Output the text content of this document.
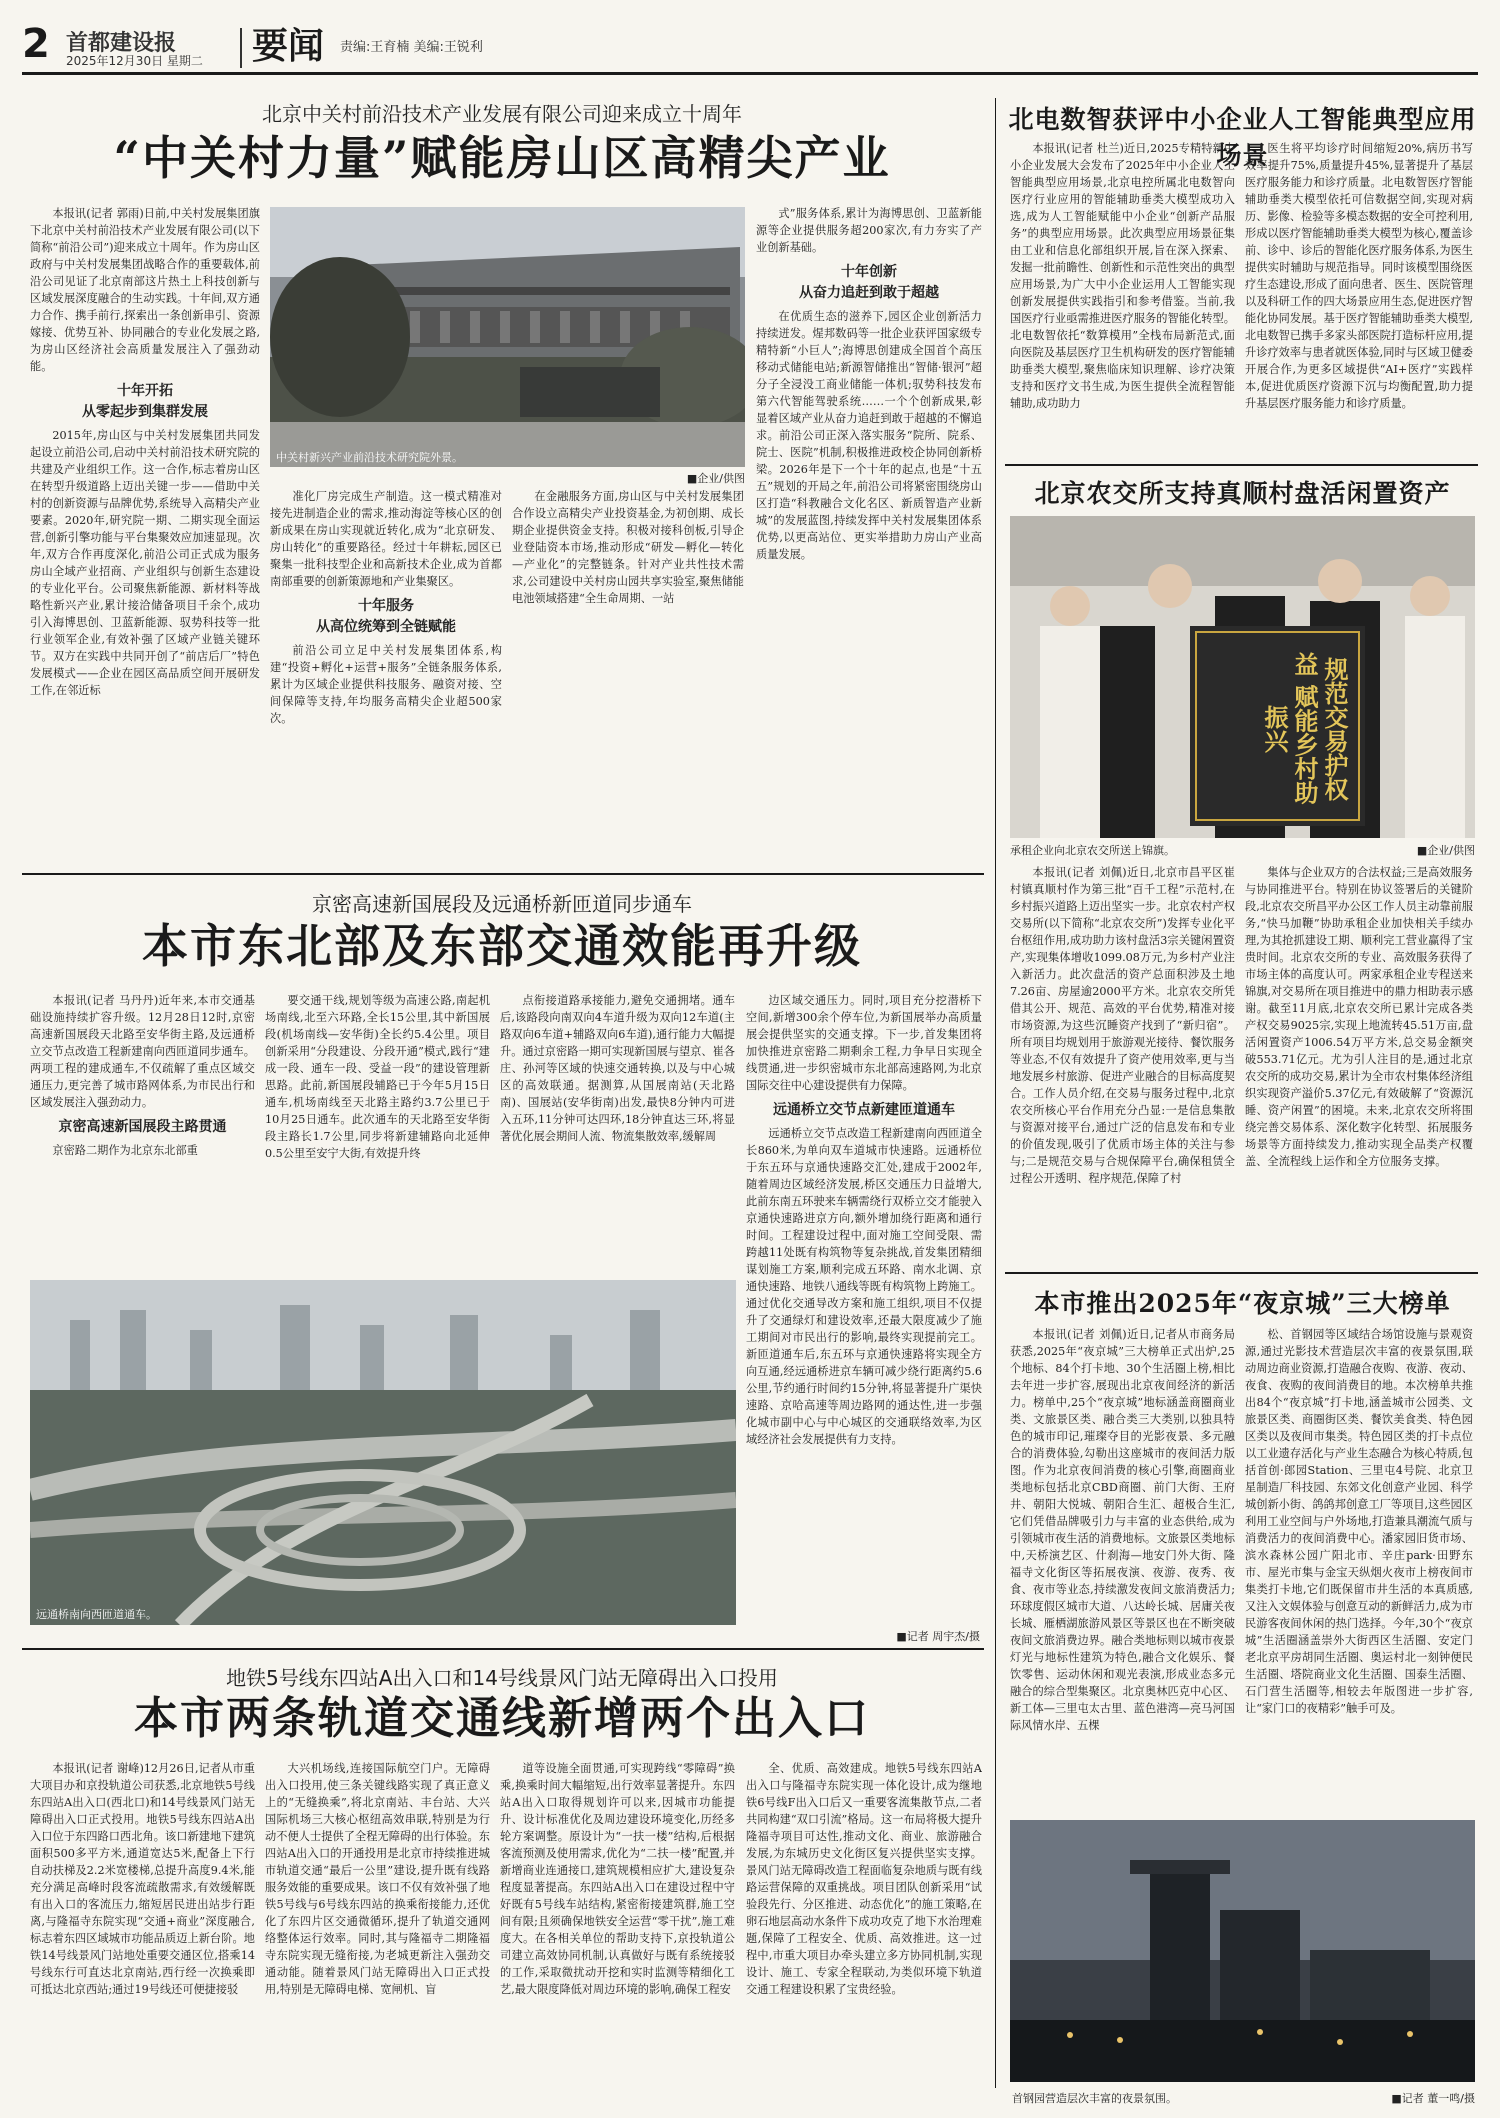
2 首都建设报
2025年12月30日 星期二 要闻 责编:王育楠 美编:王锐利
北京中关村前沿技术产业发展有限公司迎来成立十周年
“中关村力量”赋能房山区高精尖产业

本报讯(记者 郭雨)日前,中关村发展集团旗下北京中关村前沿技术产业发展有限公司(以下简称“前沿公司”)迎来成立十周年。作为房山区政府与中关村发展集团战略合作的重要载体,前沿公司见证了北京南部这片热土上科技创新与区域发展深度融合的生动实践。十年间,双方通力合作、携手前行,探索出一条创新串引、资源嫁接、优势互补、协同融合的专业化发展之路,为房山区经济社会高质量发展注入了强劲动能。

十年开拓
从零起步到集群发展

2015年,房山区与中关村发展集团共同发起设立前沿公司,启动中关村前沿技术研究院的共建及产业组织工作。这一合作,标志着房山区在转型升级道路上迈出关键一步——借助中关村的创新资源与品牌优势,系统导入高精尖产业要素。2020年,研究院一期、二期实现全面运营,创新引擎功能与平台集聚效应加速显现。次年,双方合作再度深化,前沿公司正式成为服务房山全域产业招商、产业组织与创新生态建设的专业化平台。公司聚焦新能源、新材料等战略性新兴产业,累计接洽储备项目千余个,成功引入海博思创、卫蓝新能源、驭势科技等一批行业领军企业,有效补强了区域产业链关键环节。双方在实践中共同开创了“前店后厂”特色发展模式——企业在园区高品质空间开展研发工作,在邻近标

中关村新兴产业前沿技术研究院外景。
■企业/供图

准化厂房完成生产制造。这一模式精准对接先进制造企业的需求,推动海淀等核心区的创新成果在房山实现就近转化,成为“北京研发、房山转化”的重要路径。经过十年耕耘,园区已聚集一批科技型企业和高新技术企业,成为首都南部重要的创新策源地和产业集聚区。

十年服务
从高位统筹到全链赋能

前沿公司立足中关村发展集团体系,构建“投资+孵化+运营+服务”全链条服务体系,累计为区域企业提供科技服务、融资对接、空间保障等支持,年均服务高精尖企业超500家次。

在金融服务方面,房山区与中关村发展集团合作设立高精尖产业投资基金,为初创期、成长期企业提供资金支持。积极对接科创板,引导企业登陆资本市场,推动形成“研发—孵化—转化—产业化”的完整链条。针对产业共性技术需求,公司建设中关村房山园共享实验室,聚焦储能电池领域搭建“全生命周期、一站

式”服务体系,累计为海博思创、卫蓝新能源等企业提供服务超200家次,有力夯实了产业创新基础。

十年创新
从奋力追赶到敢于超越

在优质生态的滋养下,园区企业创新活力持续迸发。煋邦数码等一批企业获评国家级专精特新“小巨人”;海博思创建成全国首个高压移动式储能电站;新源智储推出“智储·银河”超分子全浸没工商业储能一体机;驭势科技发布第六代智能驾驶系统……一个个创新成果,彰显着区域产业从奋力追赶到敢于超越的不懈追求。前沿公司正深入落实服务“院所、院系、院士、医院”机制,积极推进政校企协同创新桥梁。2026年是下一个十年的起点,也是“十五五”规划的开局之年,前沿公司将紧密围绕房山区打造“科教融合文化名区、新质智造产业新城”的发展蓝图,持续发挥中关村发展集团体系优势,以更高站位、更实举措助力房山产业高质量发展。

北电数智获评中小企业人工智能典型应用场景

本报讯(记者 杜兰)近日,2025专精特新中小企业发展大会发布了2025年中小企业人工智能典型应用场景,北京电控所属北电数智向医疗行业应用的智能辅助垂类大模型成功入选,成为人工智能赋能中小企业“创新产品服务”的典型应用场景。此次典型应用场景征集由工业和信息化部组织开展,旨在深入探索、发掘一批前瞻性、创新性和示范性突出的典型应用场景,为广大中小企业运用人工智能实现创新发展提供实践指引和参考借鉴。当前,我国医疗行业亟需推进医疗服务的智能化转型。北电数智依托“数算模用”全栈布局新范式,面向医院及基层医疗卫生机构研发的医疗智能辅助垂类大模型,聚焦临床知识理解、诊疗决策支持和医疗文书生成,为医生提供全流程智能辅助,成功助力

医生将平均诊疗时间缩短20%,病历书写效率提升75%,质量提升45%,显著提升了基层医疗服务能力和诊疗质量。北电数智医疗智能辅助垂类大模型依托可信数据空间,实现对病历、影像、检验等多模态数据的安全可控利用,形成以医疗智能辅助垂类大模型为核心,覆盖诊前、诊中、诊后的智能化医疗服务体系,为医生提供实时辅助与规范指导。同时该模型围绕医疗生态建设,形成了面向患者、医生、医院管理以及科研工作的四大场景应用生态,促进医疗智能化协同发展。基于医疗智能辅助垂类大模型,北电数智已携手多家头部医院打造标杆应用,提升诊疗效率与患者就医体验,同时与区域卫健委开展合作,为更多区域提供“AI+医疗”实践样本,促进优质医疗资源下沉与均衡配置,助力提升基层医疗服务能力和诊疗质量。

北京农交所支持真顺村盘活闲置资产
规范交易护权益 赋能乡村助振兴
承租企业向北京农交所送上锦旗。	■企业/供图

本报讯(记者 刘佩)近日,北京市昌平区崔村镇真顺村作为第三批“百千工程”示范村,在乡村振兴道路上迈出坚实一步。北京农村产权交易所(以下简称“北京农交所”)发挥专业化平台枢纽作用,成功助力该村盘活3宗关键闲置资产,实现集体增收1099.08万元,为乡村产业注入新活力。此次盘活的资产总面积涉及土地7.26亩、房屋逾2000平方米。北京农交所凭借其公开、规范、高效的平台优势,精准对接市场资源,为这些沉睡资产找到了“新归宿”。所有项目均规划用于旅游观光接待、餐饮服务等业态,不仅有效提升了资产使用效率,更与当地发展乡村旅游、促进产业融合的目标高度契合。工作人员介绍,在交易与服务过程中,北京农交所核心平台作用充分凸显:一是信息集散与资源对接平台,通过广泛的信息发布和专业的价值发现,吸引了优质市场主体的关注与参与;二是规范交易与合规保障平台,确保租赁全过程公开透明、程序规范,保障了村

集体与企业双方的合法权益;三是高效服务与协同推进平台。特别在协议签署后的关键阶段,北京农交所昌平办公区工作人员主动靠前服务,“快马加鞭”协助承租企业加快相关手续办理,为其抢抓建设工期、顺利完工营业赢得了宝贵时间。北京农交所的专业、高效服务获得了市场主体的高度认可。两家承租企业专程送来锦旗,对交易所在项目推进中的鼎力相助表示感谢。截至11月底,北京农交所已累计完成各类产权交易9025宗,实现上地流转45.51万亩,盘活闲置资产1006.54万平方米,总交易金额突破553.71亿元。尤为引人注目的是,通过北京农交所的成功交易,累计为全市农村集体经济组织实现资产溢价5.37亿元,有效破解了“资源沉睡、资产闲置”的困境。未来,北京农交所将围绕完善交易体系、深化数字化转型、拓展服务场景等方面持续发力,推动实现全品类产权覆盖、全流程线上运作和全方位服务支撑。

京密高速新国展段及远通桥新匝道同步通车
本市东北部及东部交通效能再升级

本报讯(记者 马丹丹)近年来,本市交通基础设施持续扩容升级。12月28日12时,京密高速新国展段天北路至安华街主路,及远通桥立交节点改造工程新建南向西匝道同步通车。两项工程的建成通车,不仅疏解了重点区域交通压力,更完善了城市路网体系,为市民出行和区域发展注入强劲动力。

京密高速新国展段主路贯通

京密路二期作为北京东北部重

要交通干线,规划等级为高速公路,南起机场南线,北至六环路,全长15公里,其中新国展段(机场南线—安华街)全长约5.4公里。项目创新采用“分段建设、分段开通”模式,践行“建成一段、通车一段、受益一段”的建设管理新思路。此前,新国展段辅路已于今年5月15日通车,机场南线至天北路主路约3.7公里已于10月25日通车。此次通车的天北路至安华街段主路长1.7公里,同步将新建辅路向北延伸0.5公里至安宁大街,有效提升终

点衔接道路承接能力,避免交通拥堵。通车后,该路段向南双向4车道升级为双向12车道(主路双向6车道+辅路双向6车道),通行能力大幅提升。通过京密路一期可实现新国展与望京、崔各庄、孙河等区域的快速交通转换,以及与中心城区的高效联通。据测算,从国展南站(天北路南)、国展站(安华街南)出发,最快8分钟内可进入五环,11分钟可达四环,18分钟直达三环,将显著优化展会期间人流、物流集散效率,缓解周

边区域交通压力。同时,项目充分挖潜桥下空间,新增300余个停车位,为新国展举办高质量展会提供坚实的交通支撑。下一步,首发集团将加快推进京密路二期剩余工程,力争早日实现全线贯通,进一步织密城市东北部高速路网,为北京国际交往中心建设提供有力保障。

远通桥立交节点新建匝道通车

远通桥立交节点改造工程新建南向西匝道全长860米,为单向双车道城市快速路。远通桥位于东五环与京通快速路交汇处,建成于2002年,随着周边区域经济发展,桥区交通压力日益增大,此前东南五环驶来车辆需绕行双桥立交才能驶入京通快速路进京方向,额外增加绕行距离和通行时间。工程建设过程中,面对施工空间受限、需跨越11处既有构筑物等复杂挑战,首发集团精细谋划施工方案,顺利完成五环路、南水北调、京通快速路、地铁八通线等既有构筑物上跨施工。通过优化交通导改方案和施工组织,项目不仅提升了交通绿灯和建设效率,还最大限度减少了施工期间对市民出行的影响,最终实现提前完工。新匝道通车后,东五环与京通快速路将实现全方向互通,经远通桥进京车辆可减少绕行距离约5.6公里,节约通行时间约15分钟,将显著提升广渠快速路、京哈高速等周边路网的通达性,进一步强化城市副中心与中心城区的交通联络效率,为区域经济社会发展提供有力支持。

远通桥南向西匝道通车。
■记者 周宇杰/摄
本市推出2025年“夜京城”三大榜单

本报讯(记者 刘佩)近日,记者从市商务局获悉,2025年“夜京城”三大榜单正式出炉,25个地标、84个打卡地、30个生活圈上榜,相比去年进一步扩容,展现出北京夜间经济的新活力。榜单中,25个“夜京城”地标涵盖商圈商业类、文旅景区类、融合类三大类别,以独具特色的城市印记,璀璨夺目的光影夜景、多元融合的消费体验,勾勒出这座城市的夜间活力版图。作为北京夜间消费的核心引擎,商圈商业类地标包括北京CBD商圈、前门大街、王府井、朝阳大悦城、朝阳合生汇、超极合生汇,它们凭借品牌吸引力与丰富的业态供给,成为引领城市夜生活的消费地标。文旅景区类地标中,天桥演艺区、什刹海—地安门外大街、隆福寺文化街区等拓展夜演、夜游、夜秀、夜食、夜市等业态,持续激发夜间文旅消费活力;环球度假区城市大道、八达岭长城、居庸关夜长城、雁栖湖旅游风景区等景区也在不断突破夜间文旅消费边界。融合类地标则以城市夜景灯光与地标性建筑为特色,融合文化娱乐、餐饮零售、运动休闲和观光表演,形成业态多元融合的综合型集聚区。北京奥林匹克中心区、新工体—三里屯太古里、蓝色港湾—亮马河国际风情水岸、五棵

松、首钢园等区域结合场馆设施与景观资源,通过光影技术营造层次丰富的夜景氛围,联动周边商业资源,打造融合夜购、夜游、夜动、夜食、夜购的夜间消费目的地。本次榜单共推出84个“夜京城”打卡地,涵盖城市公园类、文旅景区类、商圈街区类、餐饮美食类、特色园区类以及夜间市集类。特色园区类的打卡点位以工业遗存活化与产业生态融合为核心特质,包括首创·郎园Station、三里屯4号院、北京卫星制造厂科技园、东郊文化创意产业园、科学城创新小街、鸽鸽邦创意工厂等项目,这些园区利用工业空间与户外场地,打造兼具潮流气质与消费活力的夜间消费中心。潘家园旧货市场、滨水森林公园广阳北市、辛庄park·田野东市、屋光市集与金宝天纵烟火夜市上榜夜间市集类打卡地,它们既保留市井生活的本真质感,又注入文娱体验与创意互动的新鲜活力,成为市民游客夜间休闲的热门选择。今年,30个“夜京城”生活圈涵盖崇外大街西区生活圈、安定门老北京平房胡同生活圈、奥运村北一刻钟便民生活圈、塔院商业文化生活圈、国泰生活圈、石门营生活圈等,相较去年版图进一步扩容,让“家门口的夜精彩”触手可及。

首钢园营造层次丰富的夜景氛围。	■记者 董一鸣/摄
地铁5号线东四站A出入口和14号线景风门站无障碍出入口投用
本市两条轨道交通线新增两个出入口

本报讯(记者 谢峰)12月26日,记者从市重大项目办和京投轨道公司获悉,北京地铁5号线东四站A出入口(西北口)和14号线景风门站无障碍出入口正式投用。地铁5号线东四站A出入口位于东四路口西北角。该口新建地下建筑面积500多平方米,通道宽达5米,配备上下行自动扶梯及2.2米宽楼梯,总提升高度9.4米,能充分满足高峰时段客流疏散需求,有效缓解既有出入口的客流压力,缩短居民进出站步行距离,与隆福寺东院实现“交通+商业”深度融合,标志着东四区域城市功能品质迈上新台阶。地铁14号线景风门站地处重要交通区位,搭乘14号线东行可直达北京南站,西行经一次换乘即可抵达北京西站;通过19号线还可便捷接驳

大兴机场线,连接国际航空门户。无障碍出入口投用,使三条关键线路实现了真正意义上的“无缝换乘”,将北京南站、丰台站、大兴国际机场三大核心枢纽高效串联,特别是为行动不便人士提供了全程无障碍的出行体验。东四站A出入口的开通投用是北京市持续推进城市轨道交通“最后一公里”建设,提升既有线路服务效能的重要成果。该口不仅有效补强了地铁5号线与6号线东四站的换乘衔接能力,还优化了东四片区交通微循环,提升了轨道交通网络整体运行效率。同时,其与隆福寺二期隆福寺东院实现无缝衔接,为老城更新注入强劲交通动能。随着景风门站无障碍出入口正式投用,特别是无障碍电梯、宽闸机、盲

道等设施全面贯通,可实现跨线“零障碍”换乘,换乘时间大幅缩短,出行效率显著提升。东四站A出入口取得规划许可以来,因城市功能提升、设计标准优化及周边建设环境变化,历经多轮方案调整。原设计为“一扶一楼”结构,后根据客流预测及使用需求,优化为“二扶一楼”配置,并新增商业连通接口,建筑规模相应扩大,建设复杂程度显著提高。东四站A出入口在建设过程中守好既有5号线车站结构,紧密衔接建筑群,施工空间有限;且须确保地铁安全运营“零干扰”,施工难度大。在各相关单位的帮助支持下,京投轨道公司建立高效协同机制,认真做好与既有系统接驳的工作,采取微扰动开挖和实时监测等精细化工艺,最大限度降低对周边环境的影响,确保工程安

全、优质、高效建成。地铁5号线东四站A出入口与隆福寺东院实现一体化设计,成为继地铁6号线F出入口后又一重要客流集散节点,二者共同构建“双口引流”格局。这一布局将极大提升隆福寺项目可达性,推动文化、商业、旅游融合发展,为东城历史文化街区复兴提供坚实支撑。景风门站无障碍改造工程面临复杂地质与既有线路运营保障的双重挑战。项目团队创新采用“试验段先行、分区推进、动态优化”的施工策略,在卵石地层高动水条件下成功攻克了地下水治理难题,保障了工程安全、优质、高效推进。这一过程中,市重大项目办牵头建立多方协同机制,实现设计、施工、专家全程联动,为类似环境下轨道交通工程建设积累了宝贵经验。
